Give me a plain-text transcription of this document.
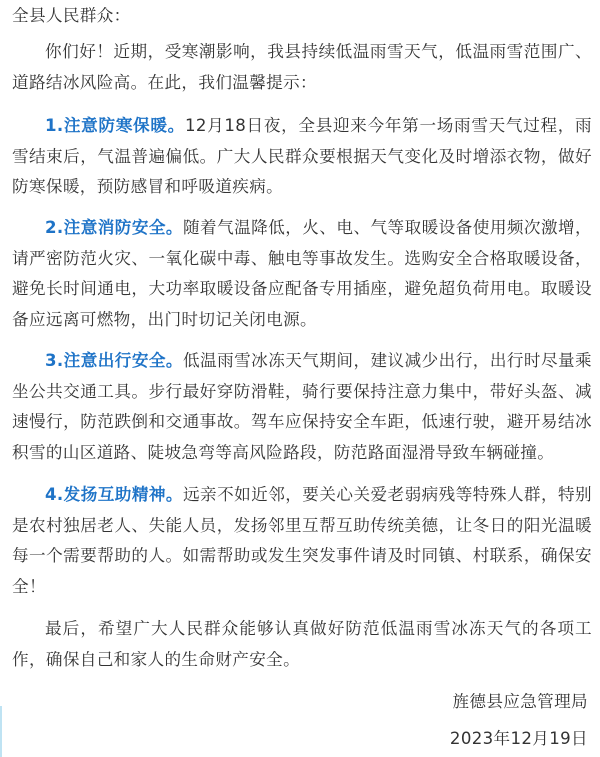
全县人民群众：

你们好！近期，受寒潮影响，我县持续低温雨雪天气，低温雨雪范围广、道路结冰风险高。在此，我们温馨提示：

1.注意防寒保暖。12月18日夜，全县迎来今年第一场雨雪天气过程，雨雪结束后，气温普遍偏低。广大人民群众要根据天气变化及时增添衣物，做好防寒保暖，预防感冒和呼吸道疾病。

2.注意消防安全。随着气温降低，火、电、气等取暖设备使用频次激增，请严密防范火灾、一氧化碳中毒、触电等事故发生。选购安全合格取暖设备，避免长时间通电，大功率取暖设备应配备专用插座，避免超负荷用电。取暖设备应远离可燃物，出门时切记关闭电源。

3.注意出行安全。低温雨雪冰冻天气期间，建议减少出行，出行时尽量乘坐公共交通工具。步行最好穿防滑鞋，骑行要保持注意力集中，带好头盔、减速慢行，防范跌倒和交通事故。驾车应保持安全车距，低速行驶，避开易结冰积雪的山区道路、陡坡急弯等高风险路段，防范路面湿滑导致车辆碰撞。

4.发扬互助精神。远亲不如近邻，要关心关爱老弱病残等特殊人群，特别是农村独居老人、失能人员，发扬邻里互帮互助传统美德，让冬日的阳光温暖每一个需要帮助的人。如需帮助或发生突发事件请及时同镇、村联系，确保安全！

最后，希望广大人民群众能够认真做好防范低温雨雪冰冻天气的各项工作，确保自己和家人的生命财产安全。

旌德县应急管理局
2023年12月19日
